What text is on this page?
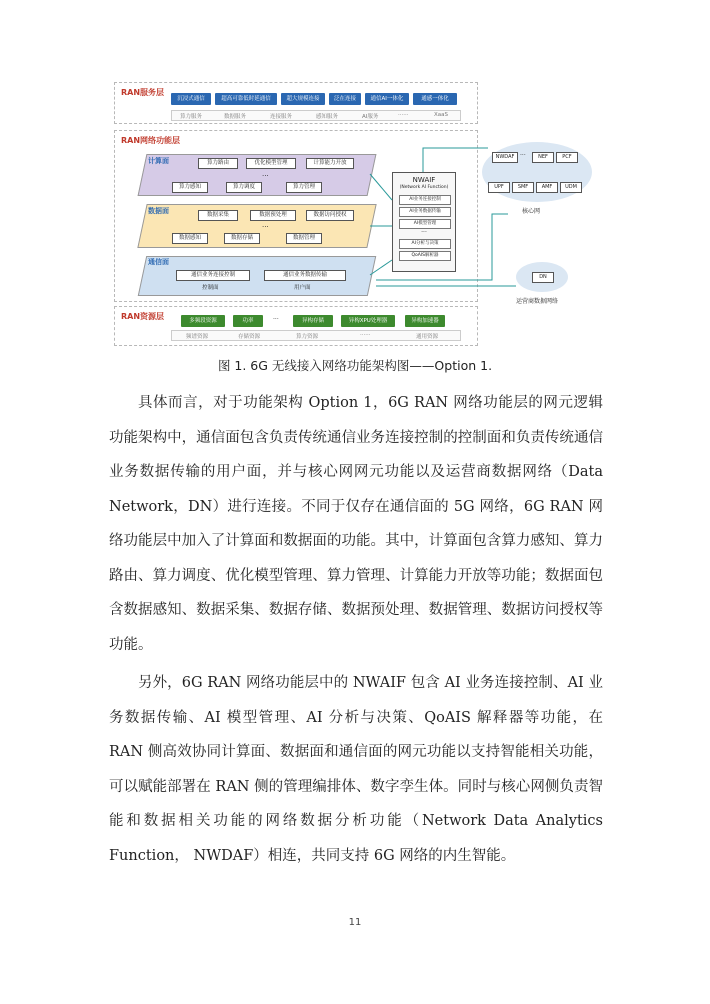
RAN服务层
沉浸式通信	超高可靠低时延通信	超大规模连接	泛在连接	通信AI一体化	通感一体化
算力服务	数据服务	连接服务	感知服务	AI服务	······	XaaS
RAN网络功能层
计算面	算力路由	优化模型管理	计算能力开放
···
算力感知	算力调度	算力管理
数据面	数据采集	数据预处理	数据访问授权
···
数据感知	数据存储	数据管理
通信面
通信业务连接控制	通信业务数据传输
控制面	用户面
NWAIF
(Network AI Function)
AI业务连接控制
AI业务数据传输
AI模型管理
···
AI分析与决策
QoAIS解析器
NWDAF ···	NEF	PCF
UPF	SMF	AMF	UDM
核心网
DN
运营商数据网络
RAN资源层	多频段资源	功率	···	异构存储	异构XPU处理器	异构加速器
频谱资源	存储资源	算力资源	······	通用资源
图 1. 6G 无线接入网络功能架构图——Option 1.

具体而言，对于功能架构 Option 1，6G RAN 网络功能层的网元逻辑功能架构中，通信面包含负责传统通信业务连接控制的控制面和负责传统通信业务数据传输的用户面，并与核心网网元功能以及运营商数据网络（Data Network，DN）进行连接。不同于仅存在通信面的 5G 网络，6G RAN 网络功能层中加入了计算面和数据面的功能。其中，计算面包含算力感知、算力路由、算力调度、优化模型管理、算力管理、计算能力开放等功能；数据面包含数据感知、数据采集、数据存储、数据预处理、数据管理、数据访问授权等功能。

另外，6G RAN 网络功能层中的 NWAIF 包含 AI 业务连接控制、AI 业务数据传输、AI 模型管理、AI 分析与决策、QoAIS 解释器等功能，在 RAN 侧高效协同计算面、数据面和通信面的网元功能以支持智能相关功能，可以赋能部署在 RAN 侧的管理编排体、数字孪生体。同时与核心网侧负责智能和数据相关功能的网络数据分析功能（Network Data Analytics Function， NWDAF）相连，共同支持 6G 网络的内生智能。

11
